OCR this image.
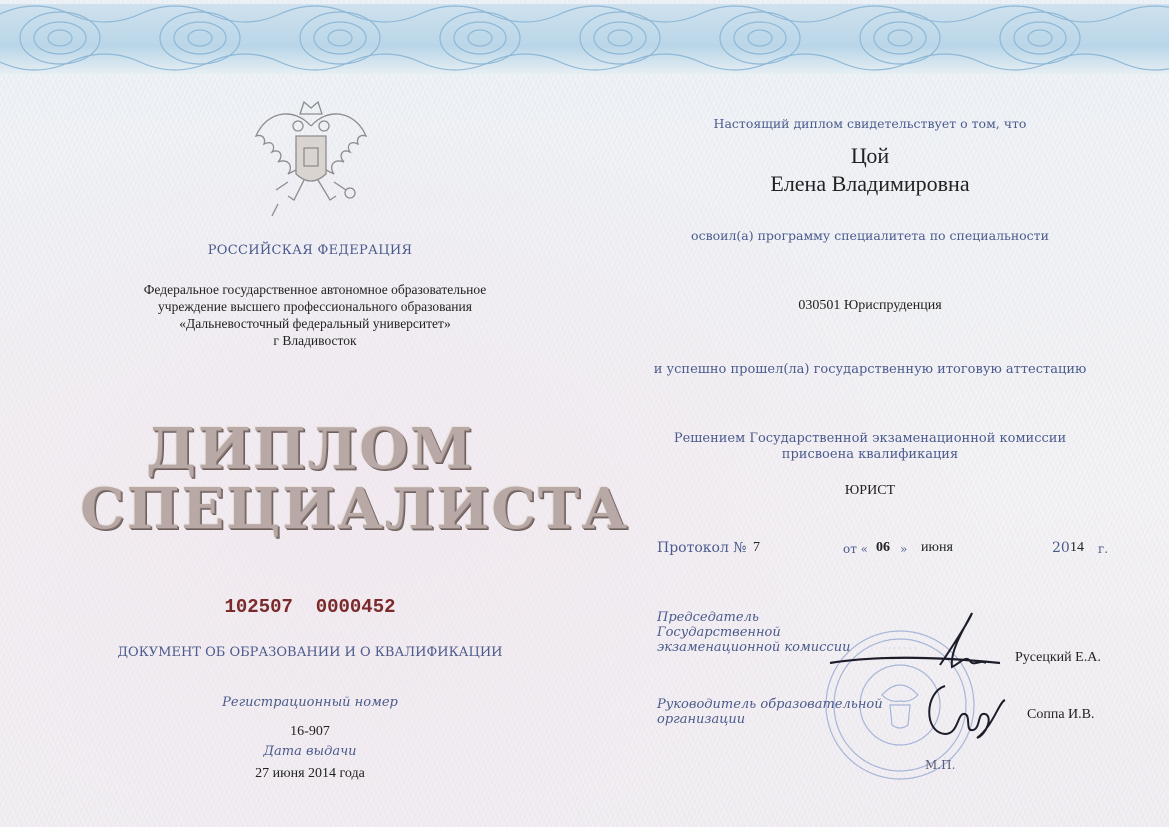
РОССИЙСКАЯ ФЕДЕРАЦИЯ

Федеральное государственное автономное образовательное

учреждение высшего профессионального образования

«Дальневосточный федеральный университет»

г Владивосток

ДИПЛОМ

СПЕЦИАЛИСТА

102507  0000452

ДОКУМЕНТ ОБ ОБРАЗОВАНИИ И О КВАЛИФИКАЦИИ

Регистрационный номер

16-907

Дата выдачи

27 июня 2014 года

Настоящий диплом свидетельствует о том, что

Цой

Елена Владимировна

освоил(а) программу специалитета по специальности

030501 Юриспруденция

и успешно прошел(ла) государственную итоговую аттестацию

Решением Государственной экзаменационной комиссии

присвоена квалификация

ЮРИСТ

Протокол № 7	от « 06 » июня	20 14 г.
· · · · · · ·

Председатель

Государственной

экзаменационной комиссии

Русецкий Е.А.

Руководитель образовательной

организации	Соппа И.В.
М.П.
